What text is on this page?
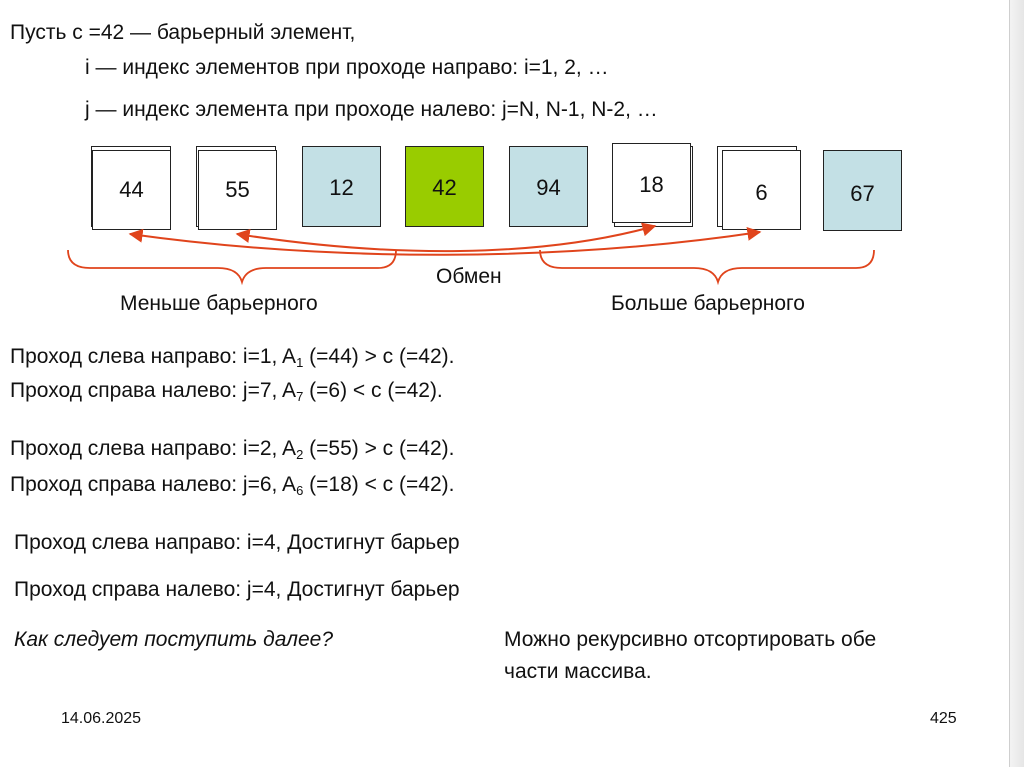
Пусть с =42 — барьерный элемент,
i — индекс элементов при проходе направо: i=1, 2, …
j — индекс элемента при проходе налево: j=N, N-1, N-2, …
44	55	12	42	94	18	6	67
Обмен
Меньше барьерного	Больше барьерного
Проход слева направо: i=1, $A_1$ (=44) > c (=42).
Проход справа налево: j=7, $A_7$ (=6) < c (=42).
Проход слева направо: i=2, $A_2$ (=55) > c (=42).
Проход справа налево: j=6, $A_6$ (=18) < c (=42).
Проход слева направо: i=4, Достигнут барьер
Проход справа налево: j=4, Достигнут барьер
Как следует поступить далее?	Можно рекурсивно отсортировать обе
части массива.
14.06.2025	425
